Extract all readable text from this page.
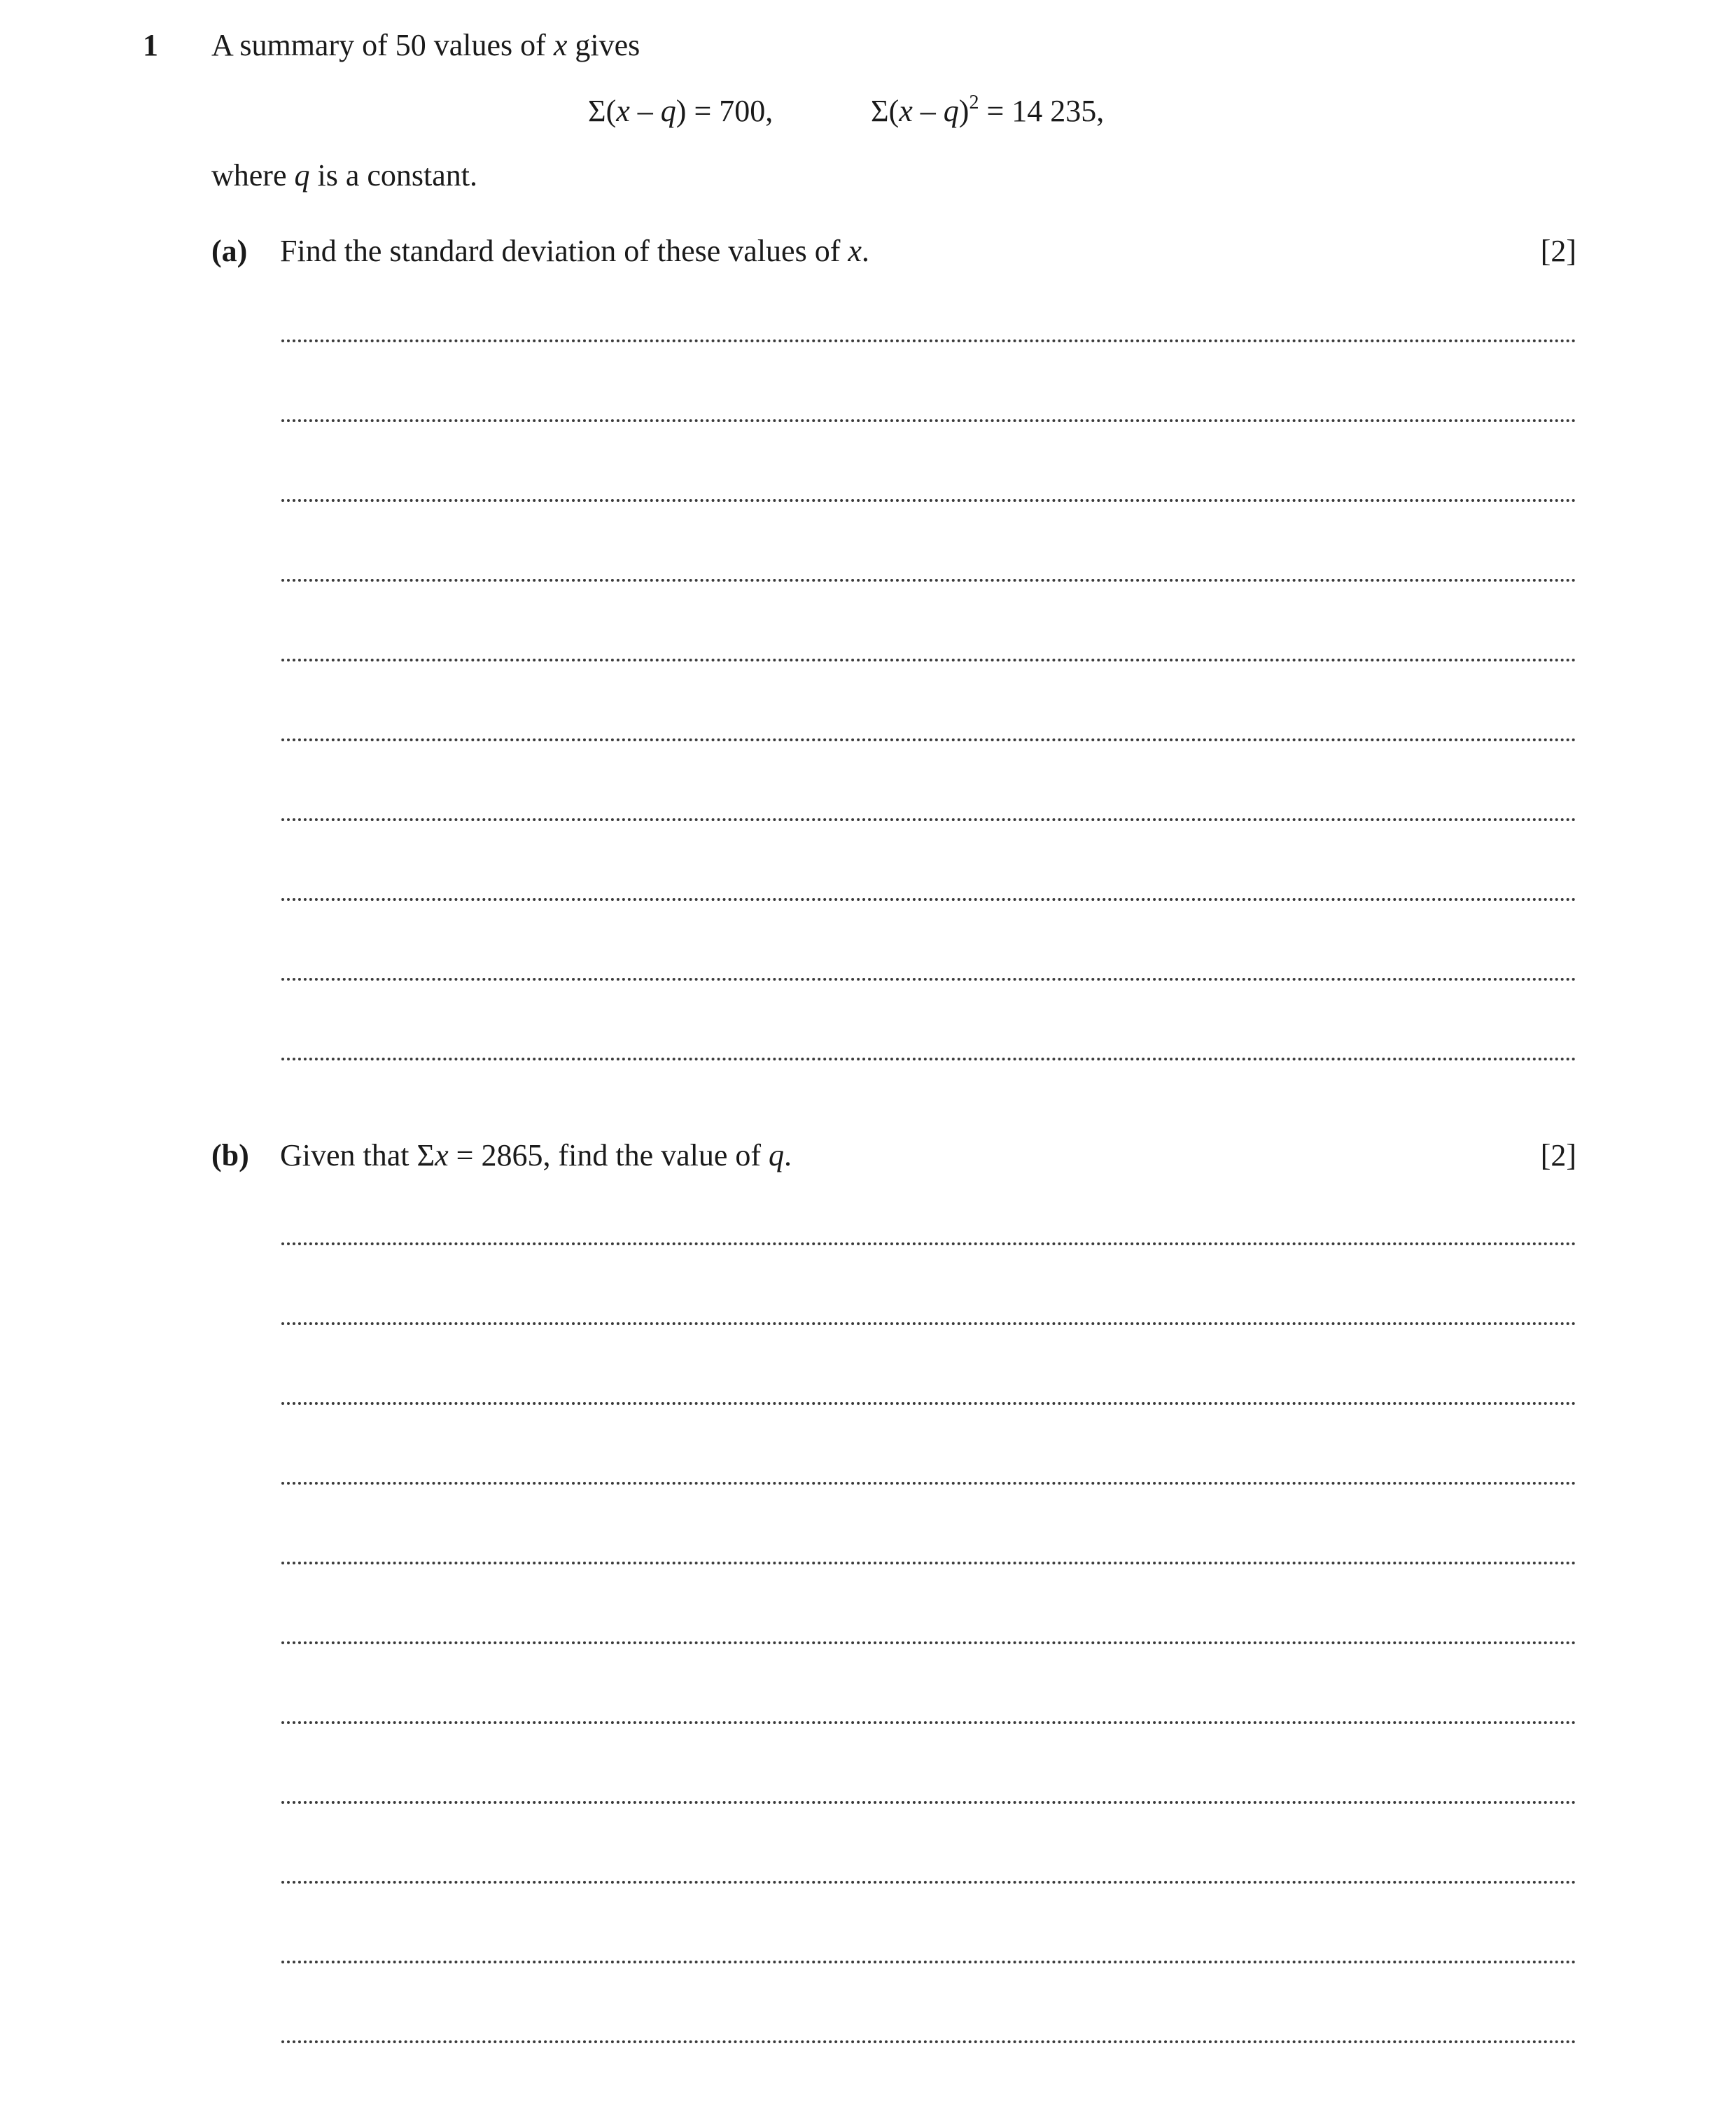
1 A summary of 50 values of x gives
Σ(x – q) = 700,	Σ(x – q)$^2$ = 14 235,
where q is a constant.
(a) Find the standard deviation of these values of x.	[2]
(b) Given that Σx = 2865, find the value of q.	[2]
